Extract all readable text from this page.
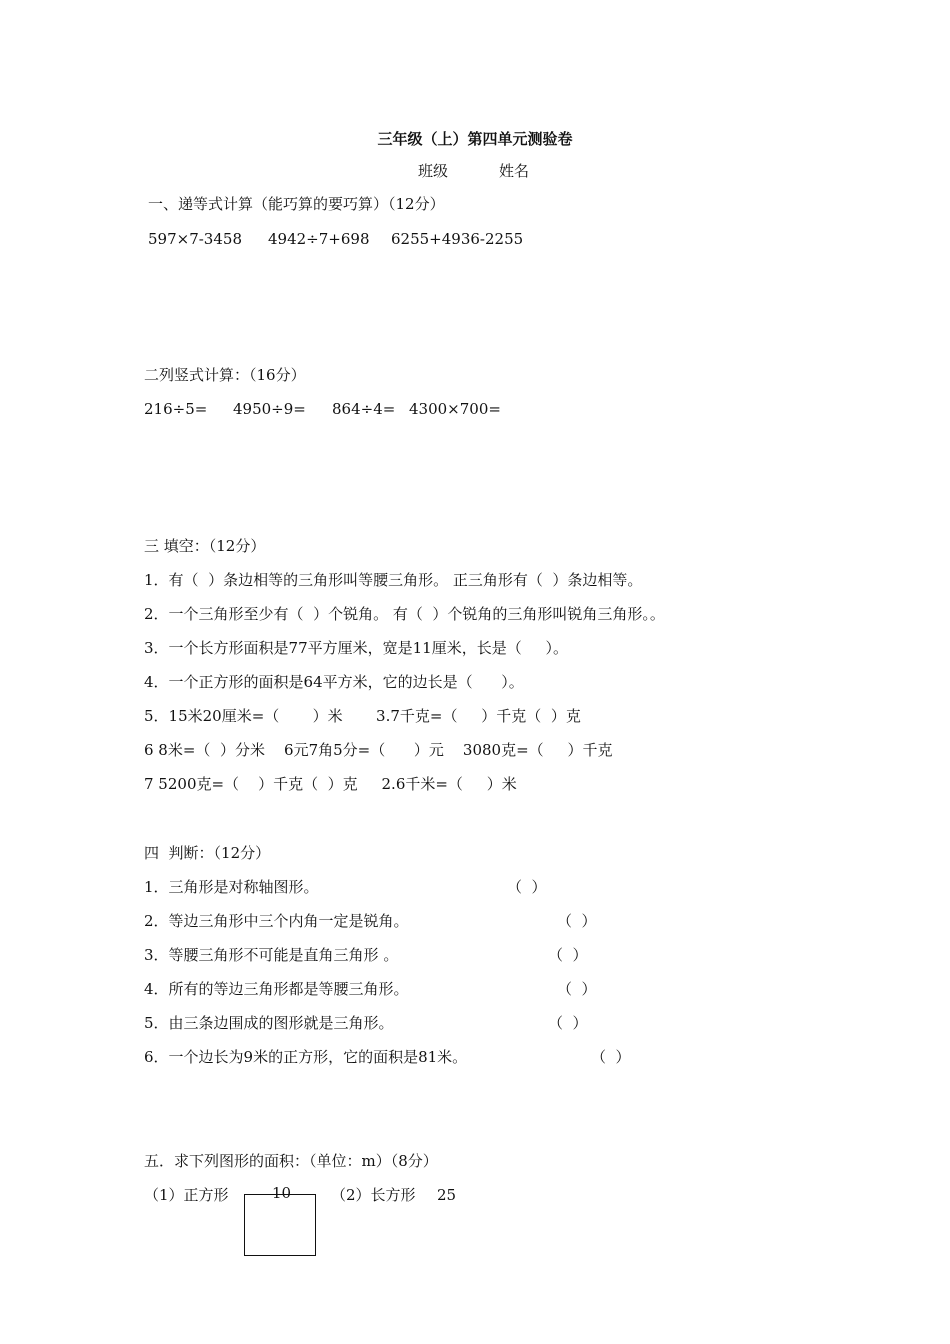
三年级（上）第四单元测验卷
班级	姓名
一、递等式计算（能巧算的要巧算）（12分）
597×7-3458 4942÷7+698 6255+4936-2255
二列竖式计算：（16分）
216÷5= 4950÷9= 864÷4= 4300×700=
三 填空：（12分）
1．有（  ）条边相等的三角形叫等腰三角形。 正三角形有（  ）条边相等。
2．一个三角形至少有（  ）个锐角。 有（  ）个锐角的三角形叫锐角三角形。。
3．一个长方形面积是77平方厘米，宽是11厘米，长是（     ）。
4．一个正方形的面积是64平方米，它的边长是（      ）。
5．15米20厘米=（       ）米       3.7千克=（     ）千克（  ）克
6 8米=（  ）分米    6元7角5分=（      ）元    3080克=（     ）千克
7 5200克=（    ）千克（  ）克     2.6千米=（     ）米
四  判断：（12分）
1．三角形是对称轴图形。	（  ）
2．等边三角形中三个内角一定是锐角。	（  ）
3．等腰三角形不可能是直角三角形 。	（  ）
4．所有的等边三角形都是等腰三角形。	（  ）
5．由三条边围成的图形就是三角形。	（  ）
6．一个边长为9米的正方形，它的面积是81米。	（  ）
五．求下列图形的面积：（单位：m）（8分）
（1）正方形	10	（2）长方形 25
